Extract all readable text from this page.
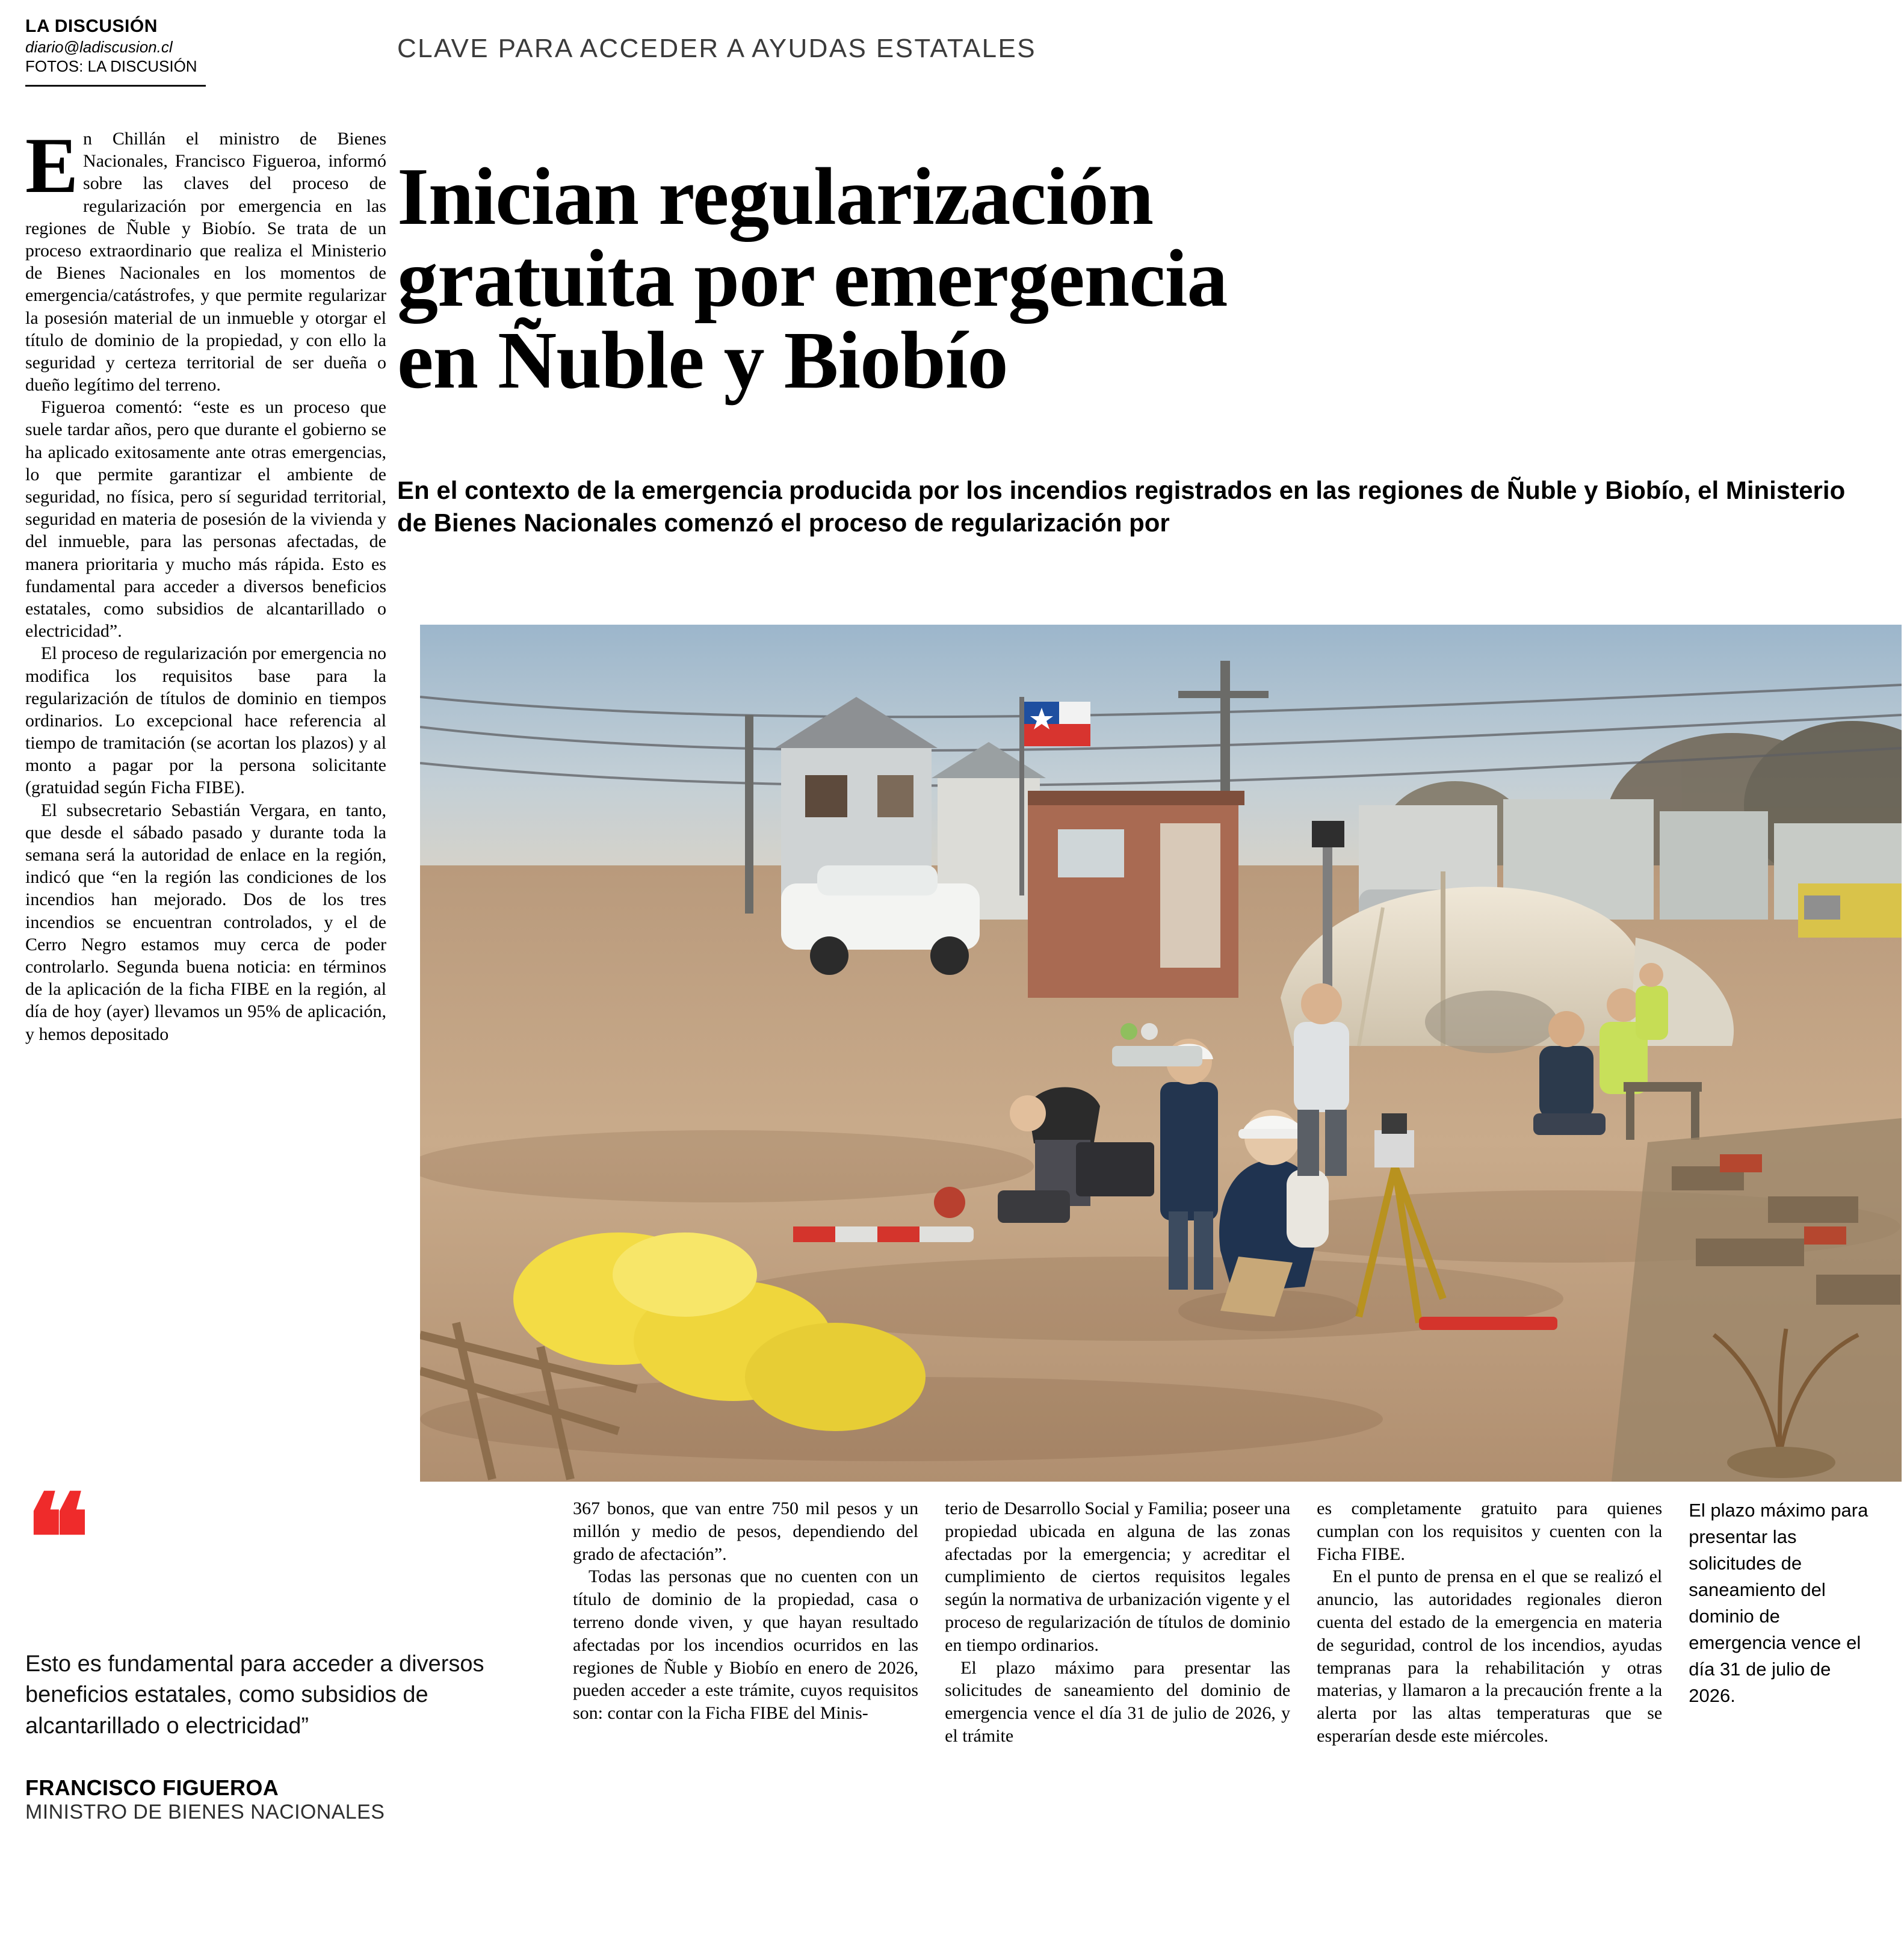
LA DISCUSIÓN
diario@ladiscusion.cl
FOTOS: LA DISCUSIÓN
CLAVE PARA ACCEDER A AYUDAS ESTATALES
Inician regularización
gratuita por emergencia
en Ñuble y Biobío
En el contexto de la emergencia producida por los incendios registrados en las regiones de Ñuble y Biobío, el Ministerio de Bienes Nacionales comenzó el proceso de regularización por

En Chillán el ministro de Bienes Nacionales, Francisco Figueroa, informó sobre las claves del proceso de regularización por emergencia en las regiones de Ñuble y Biobío. Se trata de un proceso extraordinario que realiza el Ministerio de Bienes Nacionales en los momentos de emergencia/catástrofes, y que permite regularizar la posesión material de un inmueble y otorgar el título de dominio de la propiedad, y con ello la seguridad y certeza territorial de ser dueña o dueño legítimo del terreno.

Figueroa comentó: “este es un proceso que suele tardar años, pero que durante el gobierno se ha aplicado exitosamente ante otras emergencias, lo que permite garantizar el ambiente de seguridad, no física, pero sí seguridad territorial, seguridad en materia de posesión de la vivienda y del inmueble, para las personas afectadas, de manera prioritaria y mucho más rápida. Esto es fundamental para acceder a diversos beneficios estatales, como subsidios de alcantarillado o electricidad”.

El proceso de regularización por emergencia no modifica los requisitos base para la regularización de títulos de dominio en tiempos ordinarios. Lo excepcional hace referencia al tiempo de tramitación (se acortan los plazos) y al monto a pagar por la persona solicitante (gratuidad según Ficha FIBE).

El subsecretario Sebastián Vergara, en tanto, que desde el sábado pasado y durante toda la semana será la autoridad de enlace en la región, indicó que “en la región las condiciones de los incendios han mejorado. Dos de los tres incendios se encuentran controlados, y el de Cerro Negro estamos muy cerca de poder controlarlo. Segunda buena noticia: en términos de la aplicación de la ficha FIBE en la región, al día de hoy (ayer) llevamos un 95% de aplicación, y hemos depositado

❝
Esto es fundamental para acceder a diversos beneficios estatales, como subsidios de alcantarillado o electricidad”
FRANCISCO FIGUEROA
MINISTRO DE BIENES NACIONALES

367 bonos, que van entre 750 mil pesos y un millón y medio de pesos, dependiendo del grado de afectación”.

Todas las personas que no cuenten con un título de dominio de la propiedad, casa o terreno donde viven, y que hayan resultado afectadas por los incendios ocurridos en las regiones de Ñuble y Biobío en enero de 2026, pueden acceder a este trámite, cuyos requisitos son: contar con la Ficha FIBE del Minis-

terio de Desarrollo Social y Familia; poseer una propiedad ubicada en alguna de las zonas afectadas por la emergencia; y acreditar el cumplimiento de ciertos requisitos legales según la normativa de urbanización vigente y el proceso de regularización de títulos de dominio en tiempo ordinarios.

El plazo máximo para presentar las solicitudes de saneamiento del dominio de emergencia vence el día 31 de julio de 2026, y el trámite

es completamente gratuito para quienes cumplan con los requisitos y cuenten con la Ficha FIBE.

En el punto de prensa en el que se realizó el anuncio, las autoridades regionales dieron cuenta del estado de la emergencia en materia de seguridad, control de los incendios, ayudas tempranas para la rehabilitación y otras materias, y llamaron a la precaución frente a la alerta por las altas temperaturas que se esperarían desde este miércoles.

El plazo máximo para presentar las solicitudes de saneamiento del dominio de emergencia vence el día 31 de julio de 2026.
